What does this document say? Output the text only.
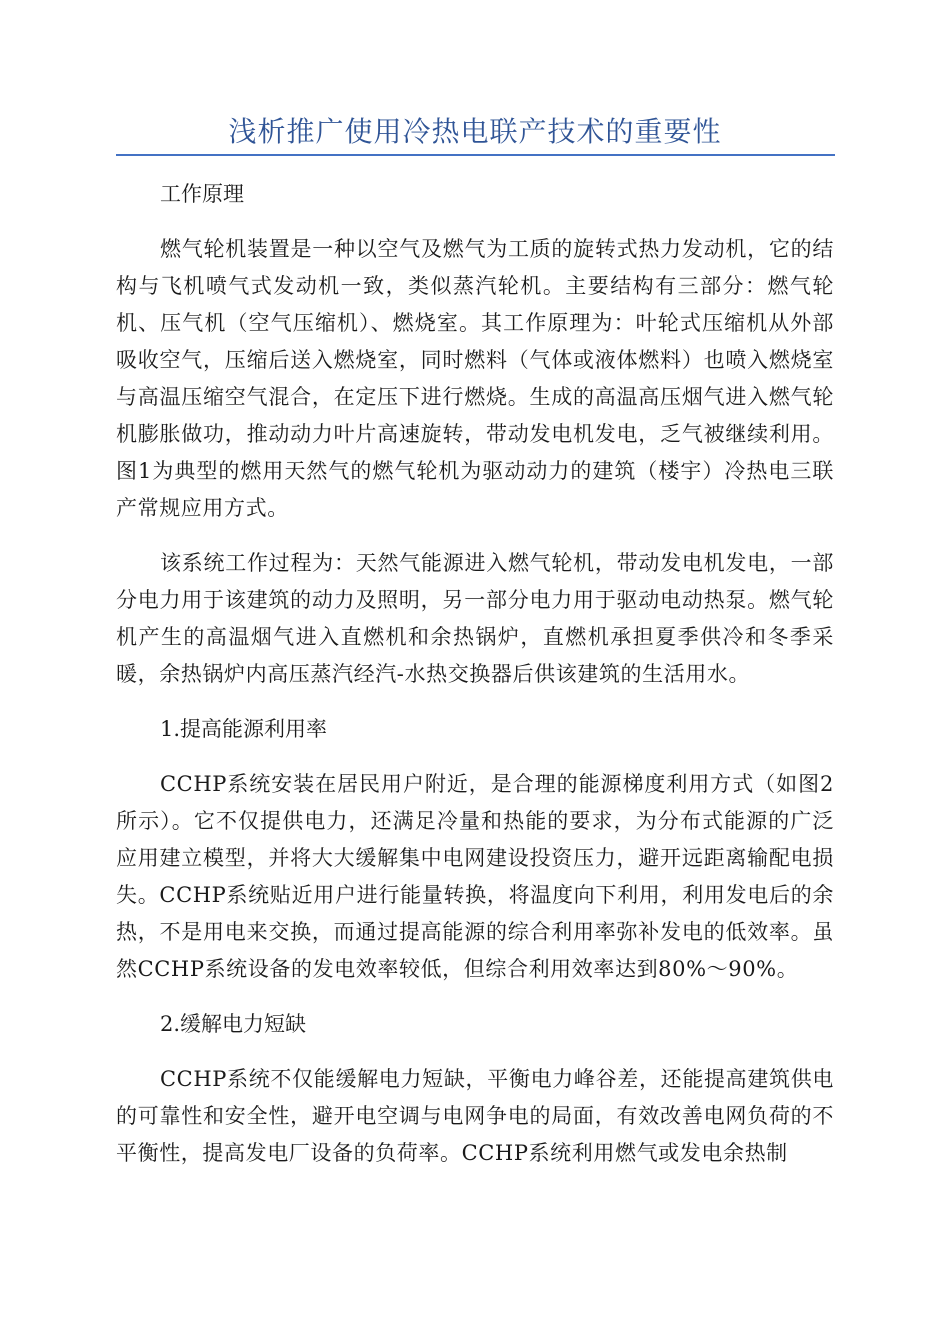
浅析推广使用冷热电联产技术的重要性

工作原理

燃气轮机装置是一种以空气及燃气为工质的旋转式热力发动机，它的结构与飞机喷气式发动机一致，类似蒸汽轮机。主要结构有三部分：燃气轮机、压气机（空气压缩机）、燃烧室。其工作原理为：叶轮式压缩机从外部吸收空气，压缩后送入燃烧室，同时燃料（气体或液体燃料）也喷入燃烧室与高温压缩空气混合，在定压下进行燃烧。生成的高温高压烟气进入燃气轮机膨胀做功，推动动力叶片高速旋转，带动发电机发电，乏气被继续利用。图1为典型的燃用天然气的燃气轮机为驱动动力的建筑（楼宇）冷热电三联产常规应用方式。

该系统工作过程为：天然气能源进入燃气轮机，带动发电机发电，一部分电力用于该建筑的动力及照明，另一部分电力用于驱动电动热泵。燃气轮机产生的高温烟气进入直燃机和余热锅炉，直燃机承担夏季供冷和冬季采暖，余热锅炉内高压蒸汽经汽-水热交换器后供该建筑的生活用水。

1.提高能源利用率

CCHP系统安装在居民用户附近，是合理的能源梯度利用方式（如图2所示）。它不仅提供电力，还满足冷量和热能的要求，为分布式能源的广泛应用建立模型，并将大大缓解集中电网建设投资压力，避开远距离输配电损失。CCHP系统贴近用户进行能量转换，将温度向下利用，利用发电后的余热，不是用电来交换，而通过提高能源的综合利用率弥补发电的低效率。虽然CCHP系统设备的发电效率较低，但综合利用效率达到80%～90%。

2.缓解电力短缺

CCHP系统不仅能缓解电力短缺，平衡电力峰谷差，还能提高建筑供电的可靠性和安全性，避开电空调与电网争电的局面，有效改善电网负荷的不平衡性，提高发电厂设备的负荷率。CCHP系统利用燃气或发电余热制
